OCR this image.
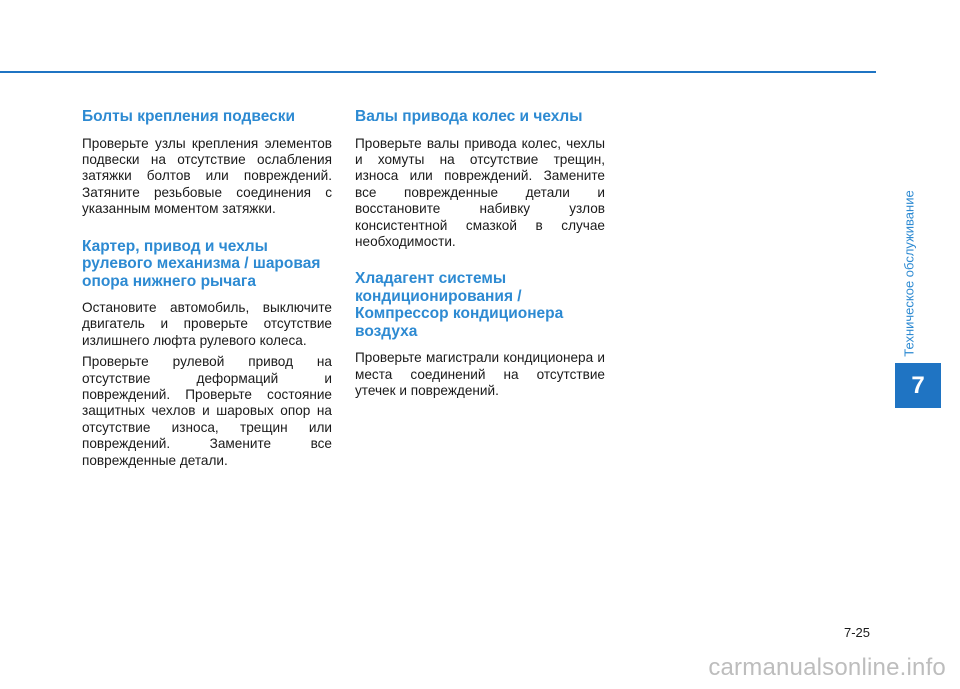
Болты крепления подвески

Проверьте узлы крепления элементов подвески на отсутствие ослабления затяжки болтов или повреждений. Затяните резьбовые соединения с указанным моментом затяжки.

Картер, привод и чехлы рулевого механизма / шаровая опора нижнего рычага

Остановите автомобиль, выключите двигатель и проверьте отсутствие излишнего люфта рулевого колеса.

Проверьте рулевой привод на отсутствие деформаций и повреждений. Проверьте состояние защитных чехлов и шаровых опор на отсутствие износа, трещин или повреждений. Замените все поврежденные детали.

Валы привода колес и чехлы

Проверьте валы привода колес, чехлы и хомуты на отсутствие трещин, износа или повреждений. Замените все поврежденные детали и восстановите набивку узлов консистентной смазкой в случае необходимости.

Хладагент системы кондиционирования / Компрессор кондиционера воздуха

Проверьте магистрали кондиционера и места соединений на отсутствие утечек и повреждений.

Техническое обслуживание
7
7-25
carmanualsonline.info
